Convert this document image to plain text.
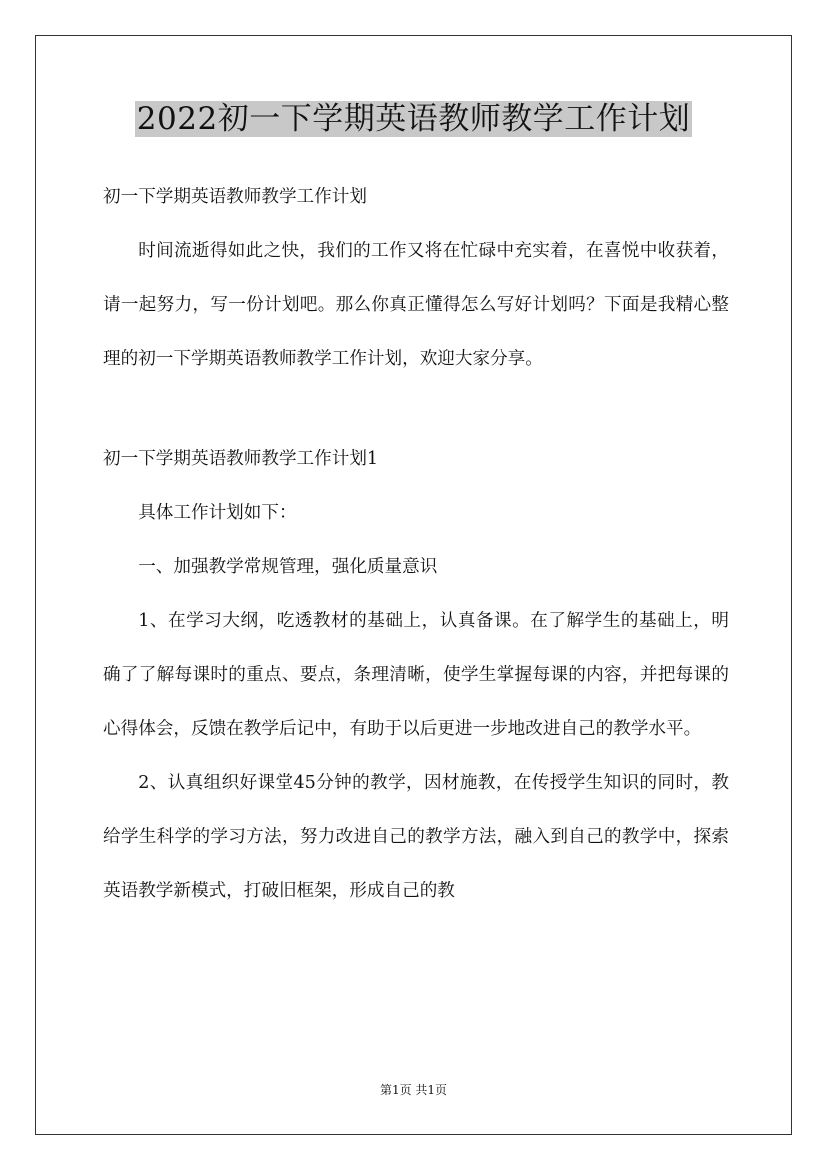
2022初一下学期英语教师教学工作计划

初一下学期英语教师教学工作计划

时间流逝得如此之快，我们的工作又将在忙碌中充实着，在喜悦中收获着，请一起努力，写一份计划吧。那么你真正懂得怎么写好计划吗？下面是我精心整理的初一下学期英语教师教学工作计划，欢迎大家分享。

初一下学期英语教师教学工作计划1

具体工作计划如下：

一、加强教学常规管理，强化质量意识

1、在学习大纲，吃透教材的基础上，认真备课。在了解学生的基础上，明确了了解每课时的重点、要点，条理清晰，使学生掌握每课的内容，并把每课的心得体会，反馈在教学后记中，有助于以后更进一步地改进自己的教学水平。

2、认真组织好课堂45分钟的教学，因材施教，在传授学生知识的同时，教给学生科学的学习方法，努力改进自己的教学方法，融入到自己的教学中，探索英语教学新模式，打破旧框架，形成自己的教

第1页 共1页
